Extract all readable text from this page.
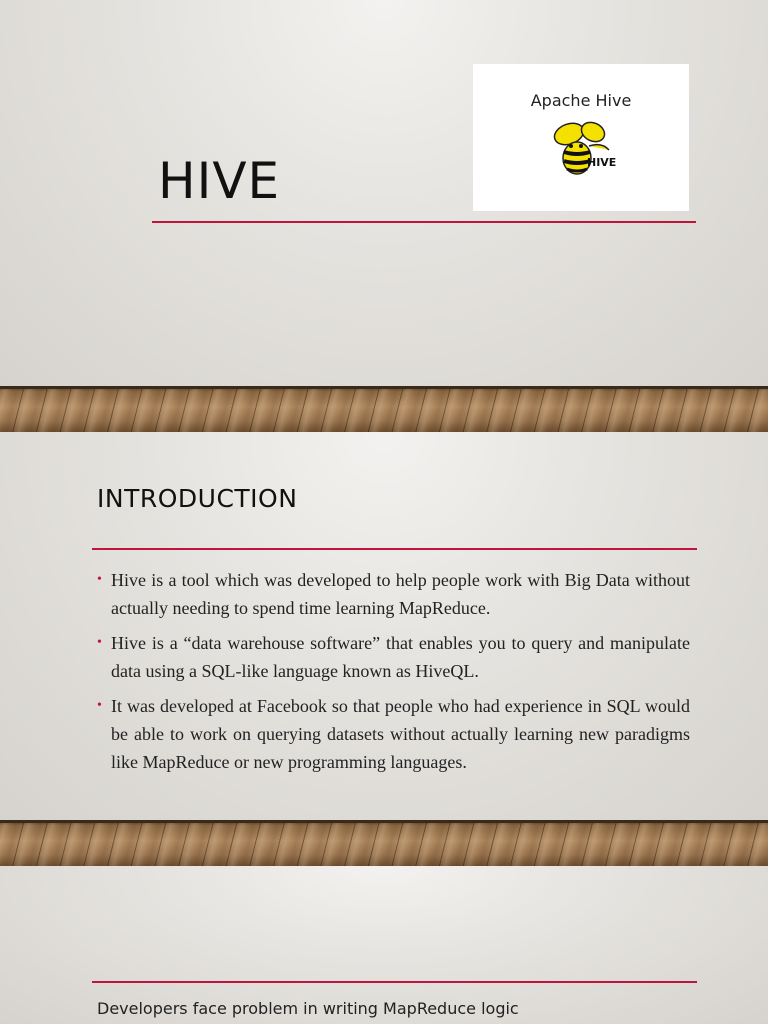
HIVE
Apache Hive
HIVE
INTRODUCTION
• Hive is a tool which was developed to help people work with Big Data without actually needing to spend time learning MapReduce.
• Hive is a “data warehouse software” that enables you to query and manipulate data using a SQL-like language known as HiveQL.
• It was developed at Facebook so that people who had experience in SQL would be able to work on querying datasets without actually learning new paradigms like MapReduce or new programming languages.
Developers face problem in writing MapReduce logic
